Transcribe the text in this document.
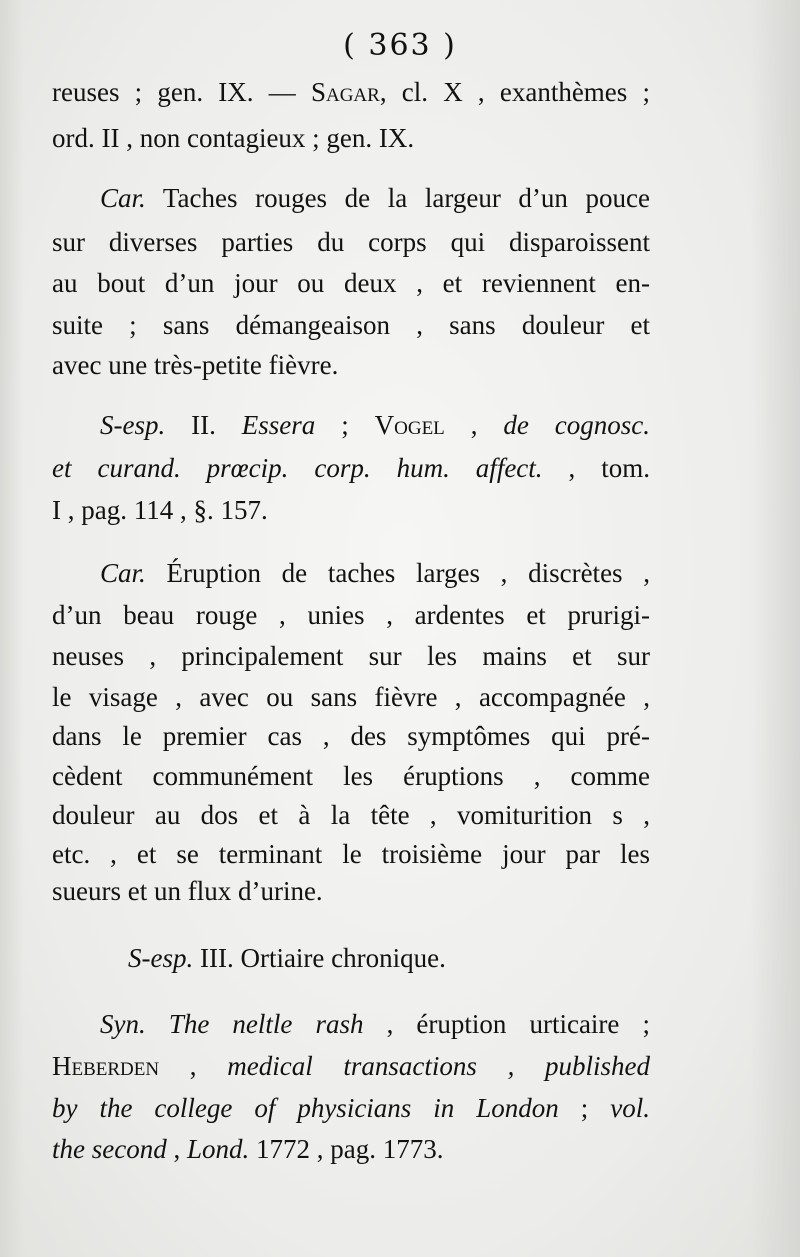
( 363 )
reuses ; gen. IX. — Sagar, cl. X , exanthèmes ;
ord. II , non contagieux ; gen. IX.
Car. Taches rouges de la largeur d’un pouce
sur diverses parties du corps qui disparoissent
au bout d’un jour ou deux , et reviennent en-
suite ; sans démangeaison , sans douleur et
avec une très-petite fièvre.
S-esp. II. Essera ; Vogel , de cognosc.
et curand. prœcip. corp. hum. affect. , tom.
I , pag. 114 , §. 157.
Car. Éruption de taches larges , discrètes ,
d’un beau rouge , unies , ardentes et prurigi-
neuses , principalement sur les mains et sur
le visage , avec ou sans fièvre , accompagnée ,
dans le premier cas , des symptômes qui pré-
cèdent communément les éruptions , comme
douleur au dos et à la tête , vomiturition s ,
etc. , et se terminant le troisième jour par les
sueurs et un flux d’urine.
S-esp. III. Ortiaire chronique.
Syn. The neltle rash , éruption urticaire ;
Heberden , medical transactions , published
by the college of physicians in London ; vol.
the second , Lond. 1772 , pag. 1773.
